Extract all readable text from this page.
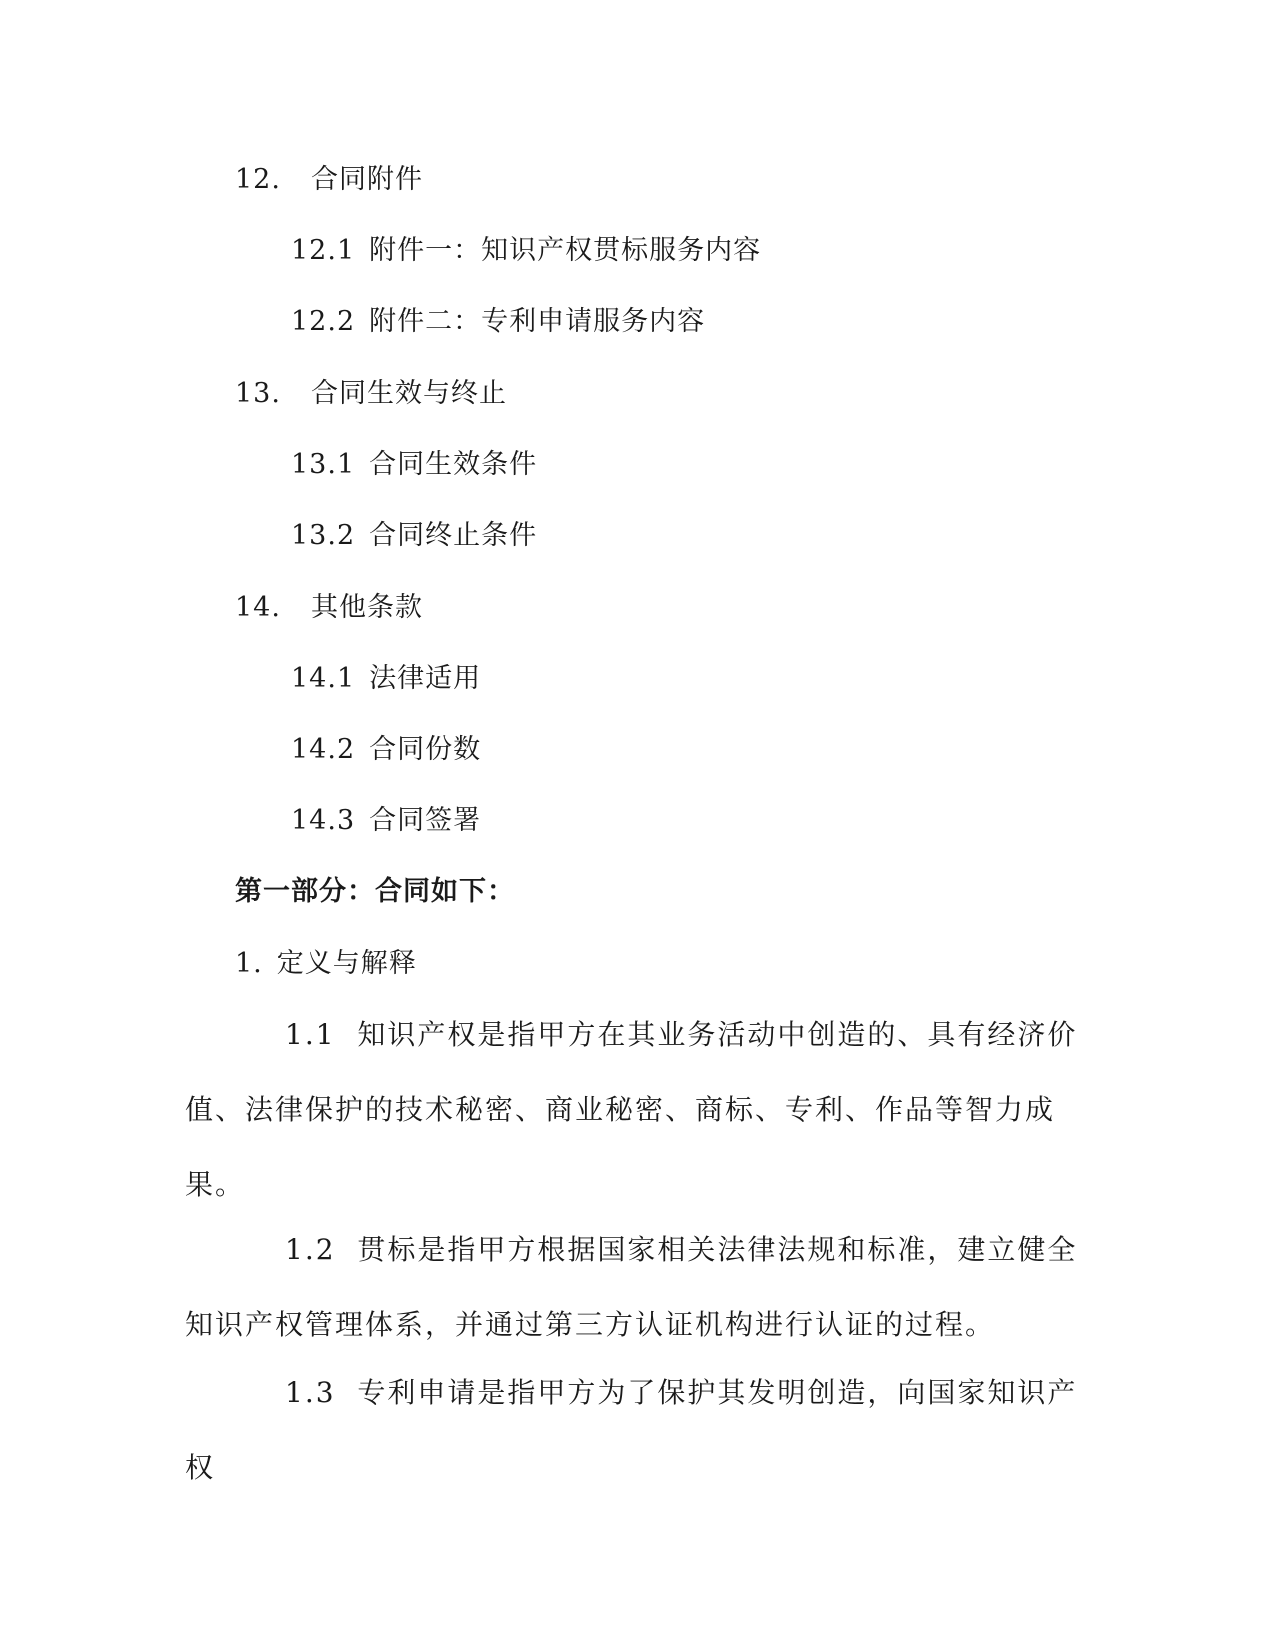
12. 合同附件
12.1 附件一：知识产权贯标服务内容
12.2 附件二：专利申请服务内容
13. 合同生效与终止
13.1 合同生效条件
13.2 合同终止条件
14. 其他条款
14.1 法律适用
14.2 合同份数
14.3 合同签署
第一部分：合同如下：
1. 定义与解释
1.1 知识产权是指甲方在其业务活动中创造的、具有经济价值、法律保护的技术秘密、商业秘密、商标、专利、作品等智力成果。
1.2 贯标是指甲方根据国家相关法律法规和标准，建立健全知识产权管理体系，并通过第三方认证机构进行认证的过程。
1.3 专利申请是指甲方为了保护其发明创造，向国家知识产权
